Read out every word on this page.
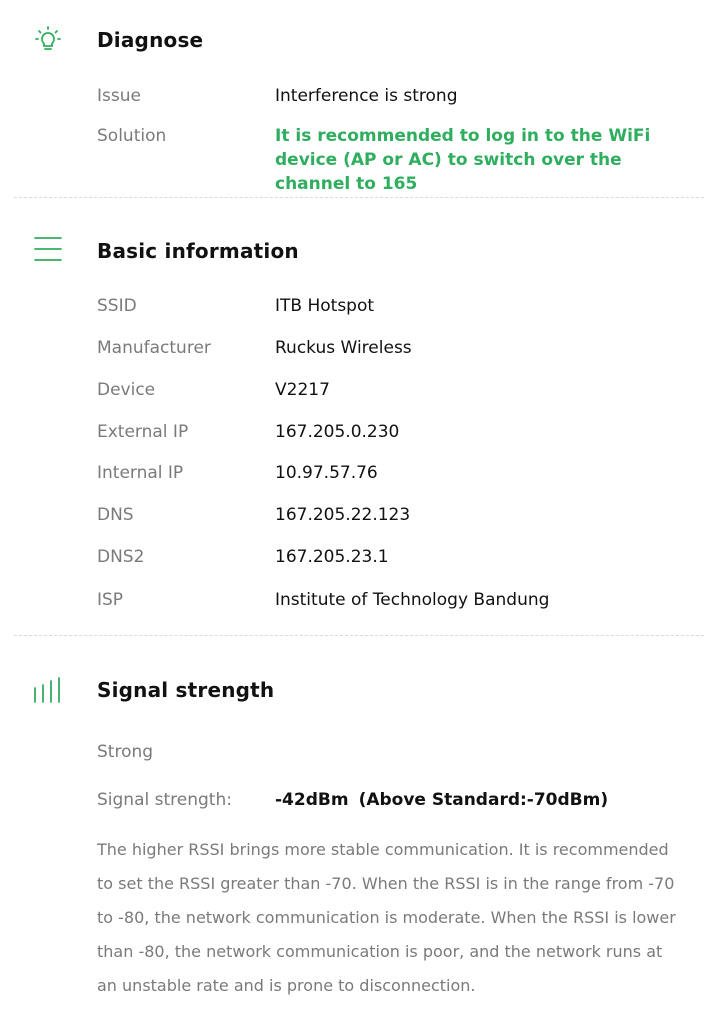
Diagnose
Issue	Interference is strong
Solution	It is recommended to log in to the WiFi device (AP or AC) to switch over the channel to 165
Basic information
SSID	ITB Hotspot
Manufacturer	Ruckus Wireless
Device	V2217
External IP	167.205.0.230
Internal IP	10.97.57.76
DNS	167.205.22.123
DNS2	167.205.23.1
ISP	Institute of Technology Bandung
Signal strength
Strong
Signal strength:	-42dBm (Above Standard:-70dBm)
The higher RSSI brings more stable communication. It is recommended to set the RSSI greater than -70. When the RSSI is in the range from -70 to -80, the network communication is moderate. When the RSSI is lower than -80, the network communication is poor, and the network runs at an unstable rate and is prone to disconnection.
